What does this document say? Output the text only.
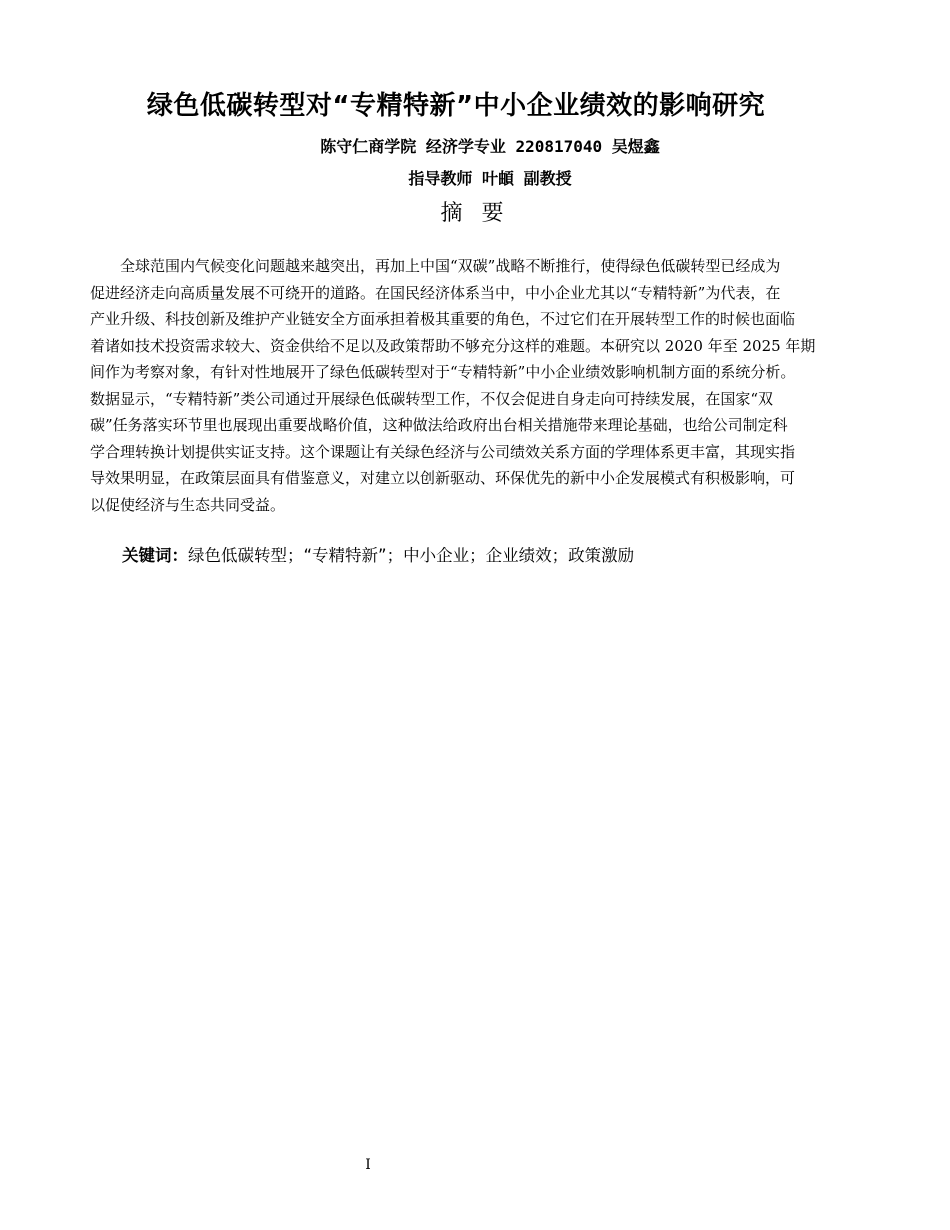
绿色低碳转型对“专精特新”中小企业绩效的影响研究
陈守仁商学院 经济学专业 220817040 吴煜鑫
指导教师 叶頔 副教授
摘 要
　　全球范围内气候变化问题越来越突出，再加上中国“双碳”战略不断推行，使得绿色低碳转型已经成为
促进经济走向高质量发展不可绕开的道路。在国民经济体系当中，中小企业尤其以“专精特新”为代表，在
产业升级、科技创新及维护产业链安全方面承担着极其重要的角色，不过它们在开展转型工作的时候也面临
着诸如技术投资需求较大、资金供给不足以及政策帮助不够充分这样的难题。本研究以 2020 年至 2025 年期
间作为考察对象，有针对性地展开了绿色低碳转型对于“专精特新”中小企业绩效影响机制方面的系统分析。
数据显示，“专精特新”类公司通过开展绿色低碳转型工作，不仅会促进自身走向可持续发展，在国家“双
碳”任务落实环节里也展现出重要战略价值，这种做法给政府出台相关措施带来理论基础，也给公司制定科
学合理转换计划提供实证支持。这个课题让有关绿色经济与公司绩效关系方面的学理体系更丰富，其现实指
导效果明显，在政策层面具有借鉴意义，对建立以创新驱动、环保优先的新中小企发展模式有积极影响，可
以促使经济与生态共同受益。
关键词：绿色低碳转型；“专精特新”；中小企业；企业绩效；政策激励
I
